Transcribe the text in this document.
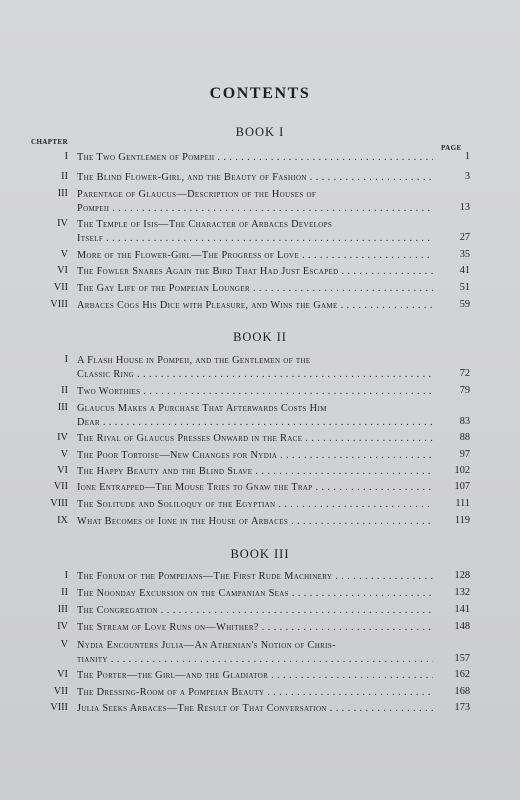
CONTENTS
BOOK I
CHAPTER
PAGE
BOOK II
BOOK III
I The Two Gentlemen of Pompeii . . .	1
II The Blind Flower-Girl, and the Beauty of Fashion . . .	3
III Parentage of Glaucus—Description of the Houses of
Pompeii . . .	13
IV The Temple of Isis—The Character of Arbaces Develops
Itself . . .	27
V More of the Flower-Girl—The Progress of Love . . .	35
VI The Fowler Snares Again the Bird That Had Just Escaped . . .	41
VII The Gay Life of the Pompeian Lounger . . .	51
VIII Arbaces Cogs His Dice with Pleasure, and Wins the Game . . .	59
I A Flash House in Pompeii, and the Gentlemen of the
Classic Ring . . .	72
II Two Worthies . . .	79
III Glaucus Makes a Purchase That Afterwards Costs Him
Dear . . .	83
IV The Rival of Glaucus Presses Onward in the Race . . .	88
V The Poor Tortoise—New Changes for Nydia . . .	97
VI The Happy Beauty and the Blind Slave . . .	102
VII Ione Entrapped—The Mouse Tries to Gnaw the Trap . . .	107
VIII The Solitude and Soliloquy of the Egyptian . . .	111
IX What Becomes of Ione in the House of Arbaces . . .	119
I The Forum of the Pompeians—The First Rude Machinery . . .	128
II The Noonday Excursion on the Campanian Seas . . .	132
III The Congregation . . .	141
IV The Stream of Love Runs on—Whither? . . .	148
V Nydia Encounters Julia—An Athenian's Notion of Chris-
tianity . . .	157
VI The Porter—the Girl—and the Gladiator . . .	162
VII The Dressing-Room of a Pompeian Beauty . . .	168
VIII Julia Seeks Arbaces—The Result of That Conversation . . .	173
